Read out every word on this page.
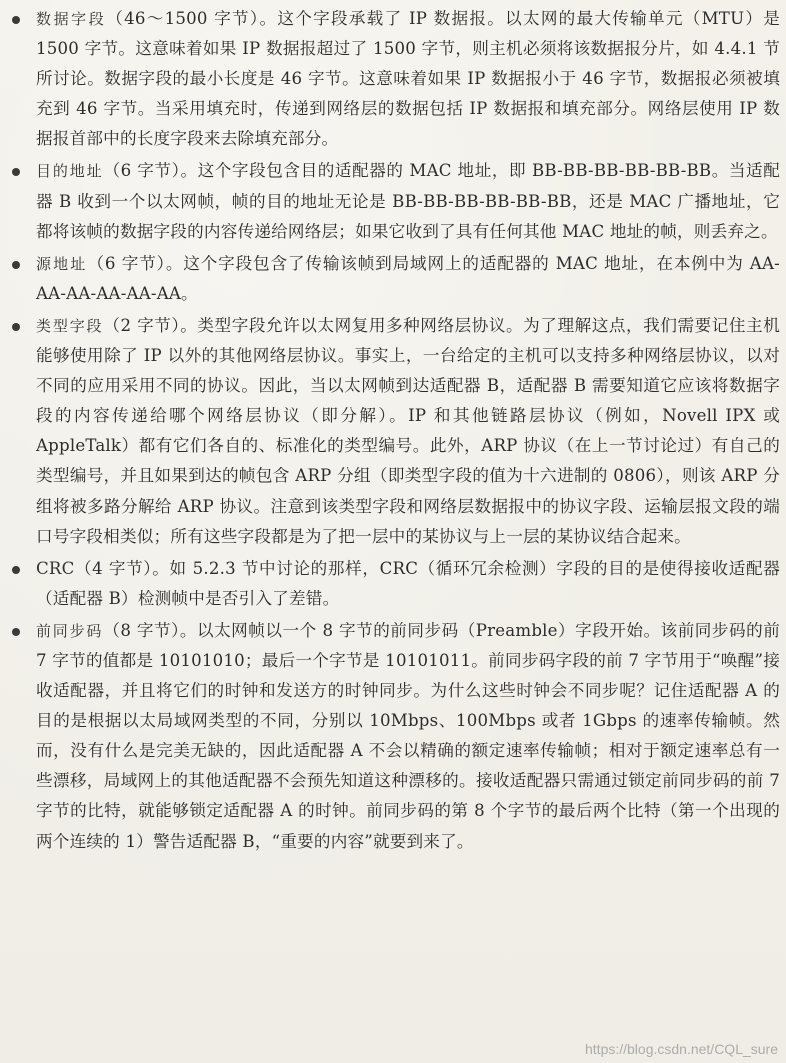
数据字段（46～1500 字节）。这个字段承载了 IP 数据报。以太网的最大传输单元（MTU）是 1500 字节。这意味着如果 IP 数据报超过了 1500 字节，则主机必须将该数据报分片，如 4.4.1 节所讨论。数据字段的最小长度是 46 字节。这意味着如果 IP 数据报小于 46 字节，数据报必须被填充到 46 字节。当采用填充时，传递到网络层的数据包括 IP 数据报和填充部分。网络层使用 IP 数据报首部中的长度字段来去除填充部分。
目的地址（6 字节）。这个字段包含目的适配器的 MAC 地址，即 BB-BB-BB-BB-BB-BB。当适配器 B 收到一个以太网帧，帧的目的地址无论是 BB-BB-BB-BB-BB-BB，还是 MAC 广播地址，它都将该帧的数据字段的内容传递给网络层；如果它收到了具有任何其他 MAC 地址的帧，则丢弃之。
源地址（6 字节）。这个字段包含了传输该帧到局域网上的适配器的 MAC 地址，在本例中为 AA-AA-AA-AA-AA-AA。
类型字段（2 字节）。类型字段允许以太网复用多种网络层协议。为了理解这点，我们需要记住主机能够使用除了 IP 以外的其他网络层协议。事实上，一台给定的主机可以支持多种网络层协议，以对不同的应用采用不同的协议。因此，当以太网帧到达适配器 B，适配器 B 需要知道它应该将数据字段的内容传递给哪个网络层协议（即分解）。IP 和其他链路层协议（例如，Novell IPX 或 AppleTalk）都有它们各自的、标准化的类型编号。此外，ARP 协议（在上一节讨论过）有自己的类型编号，并且如果到达的帧包含 ARP 分组（即类型字段的值为十六进制的 0806），则该 ARP 分组将被多路分解给 ARP 协议。注意到该类型字段和网络层数据报中的协议字段、运输层报文段的端口号字段相类似；所有这些字段都是为了把一层中的某协议与上一层的某协议结合起来。
CRC（4 字节）。如 5.2.3 节中讨论的那样，CRC（循环冗余检测）字段的目的是使得接收适配器（适配器 B）检测帧中是否引入了差错。
前同步码（8 字节）。以太网帧以一个 8 字节的前同步码（Preamble）字段开始。该前同步码的前 7 字节的值都是 10101010；最后一个字节是 10101011。前同步码字段的前 7 字节用于“唤醒”接收适配器，并且将它们的时钟和发送方的时钟同步。为什么这些时钟会不同步呢？记住适配器 A 的目的是根据以太局域网类型的不同，分别以 10Mbps、100Mbps 或者 1Gbps 的速率传输帧。然而，没有什么是完美无缺的，因此适配器 A 不会以精确的额定速率传输帧；相对于额定速率总有一些漂移，局域网上的其他适配器不会预先知道这种漂移的。接收适配器只需通过锁定前同步码的前 7 字节的比特，就能够锁定适配器 A 的时钟。前同步码的第 8 个字节的最后两个比特（第一个出现的两个连续的 1）警告适配器 B，“重要的内容”就要到来了。
https://blog.csdn.net/CQL_sure
